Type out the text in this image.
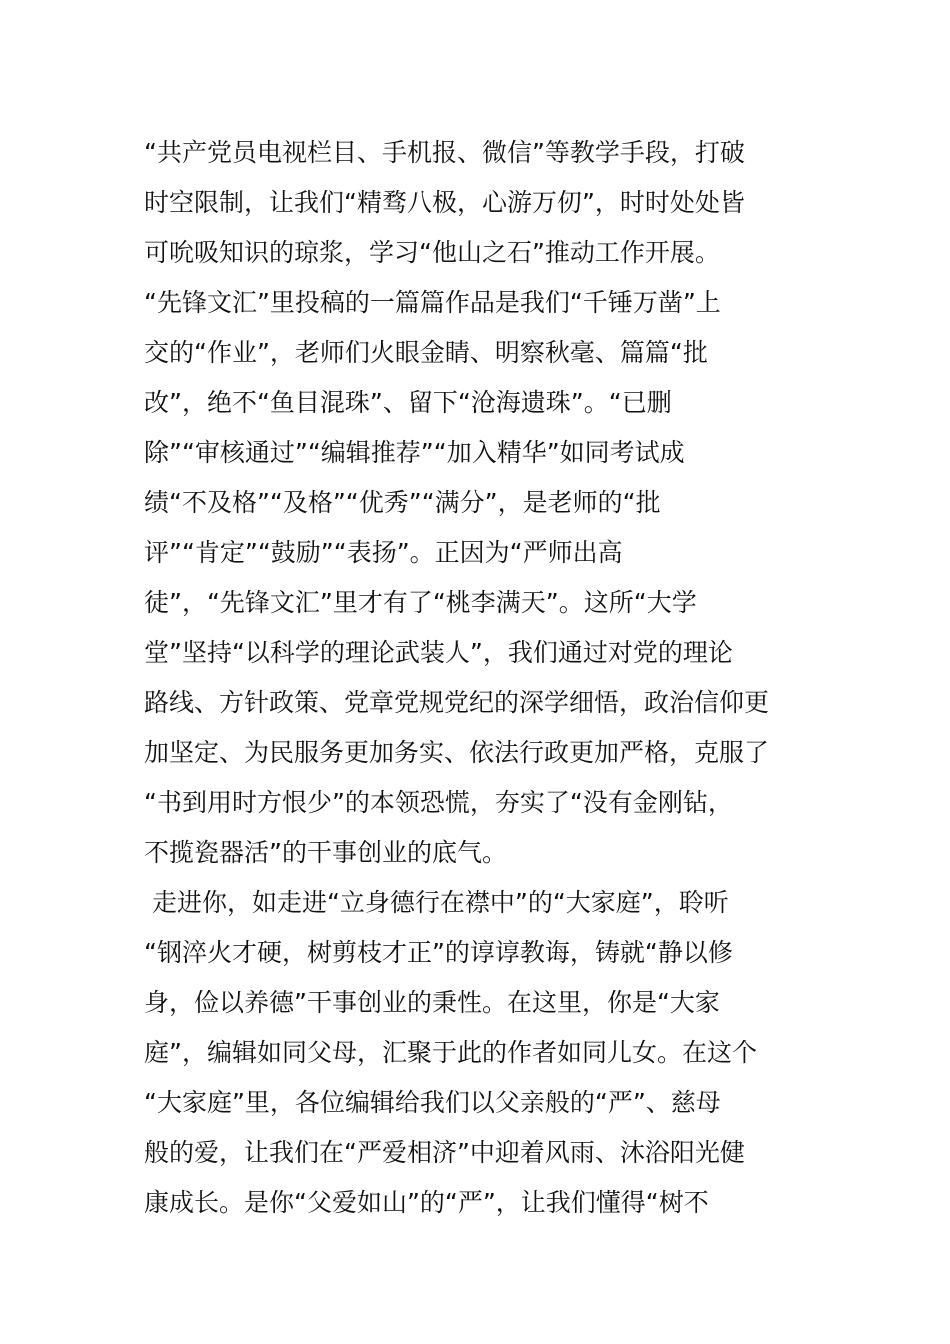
“共产党员电视栏目、手机报、微信”等教学手段，打破
时空限制，让我们“精骛八极，心游万仞”，时时处处皆
可吮吸知识的琼浆，学习“他山之石”推动工作开展。
“先锋文汇”里投稿的一篇篇作品是我们“千锤万凿”上
交的“作业”，老师们火眼金睛、明察秋毫、篇篇“批
改”，绝不“鱼目混珠”、留下“沧海遗珠”。“已删
除”“审核通过”“编辑推荐”“加入精华”如同考试成
绩“不及格”“及格”“优秀”“满分”，是老师的“批
评”“肯定”“鼓励”“表扬”。正因为“严师出高
徒”，“先锋文汇”里才有了“桃李满天”。这所“大学
堂”坚持“以科学的理论武装人”，我们通过对党的理论
路线、方针政策、党章党规党纪的深学细悟，政治信仰更
加坚定、为民服务更加务实、依法行政更加严格，克服了
“书到用时方恨少”的本领恐慌，夯实了“没有金刚钻，
不揽瓷器活”的干事创业的底气。
走进你，如走进“立身德行在襟中”的“大家庭”，聆听
“钢淬火才硬，树剪枝才正”的谆谆教诲，铸就“静以修
身，俭以养德”干事创业的秉性。在这里，你是“大家
庭”，编辑如同父母，汇聚于此的作者如同儿女。在这个
“大家庭”里，各位编辑给我们以父亲般的“严”、慈母
般的爱，让我们在“严爱相济”中迎着风雨、沐浴阳光健
康成长。是你“父爱如山”的“严”，让我们懂得“树不
